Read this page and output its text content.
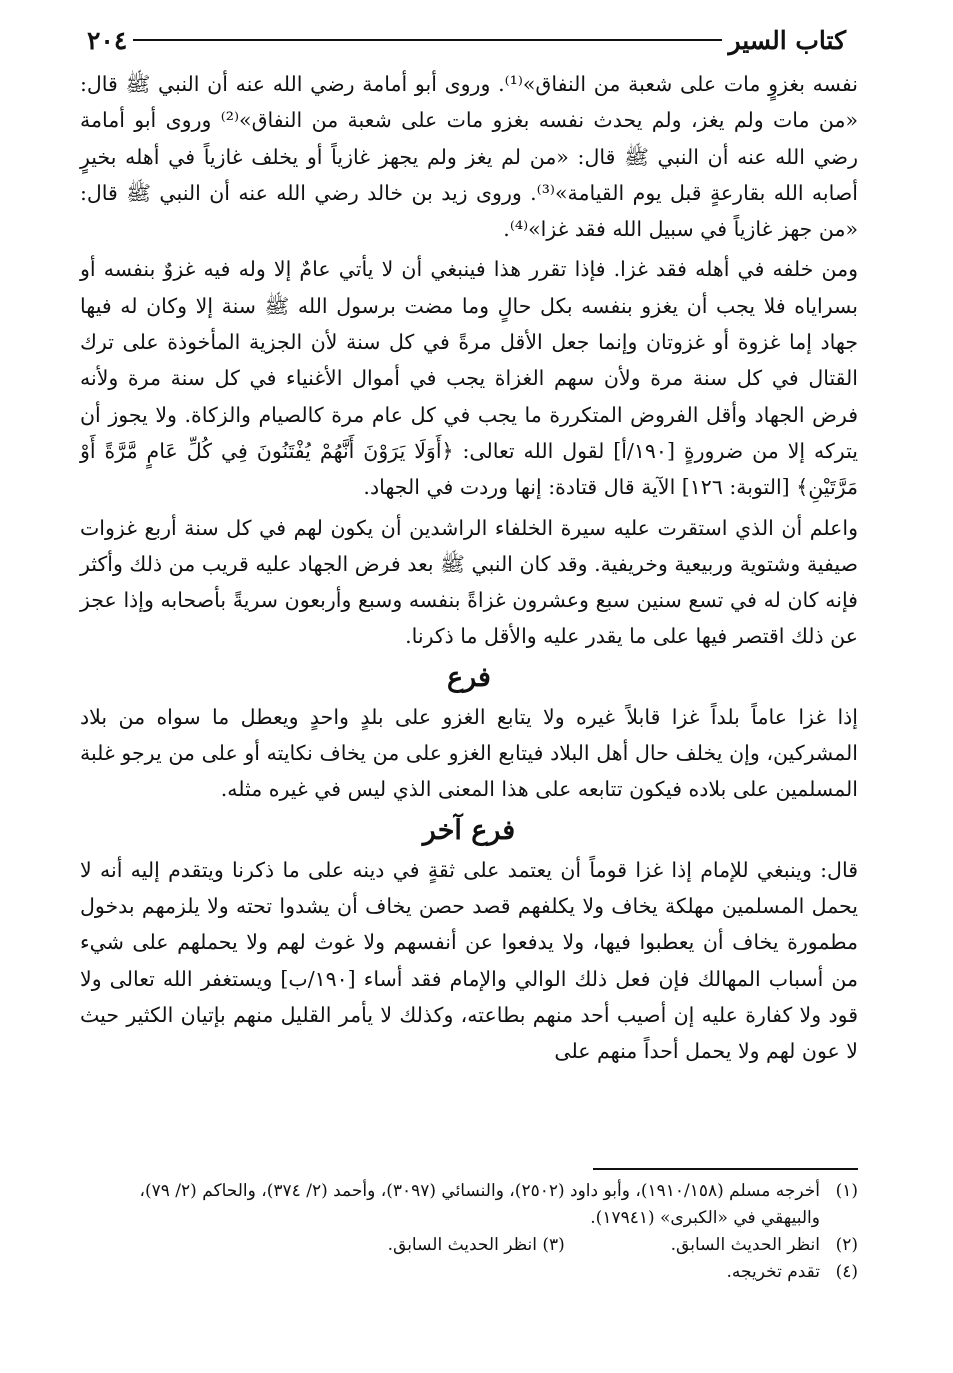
كتاب السير
٢٠٤

نفسه بغزوٍ مات على شعبة من النفاق»⁽¹⁾. وروى أبو أمامة رضي الله عنه أن النبي ﷺ قال: «من مات ولم يغز، ولم يحدث نفسه بغزو مات على شعبة من النفاق»⁽²⁾ وروى أبو أمامة رضي الله عنه أن النبي ﷺ قال: «من لم يغز ولم يجهز غازياً أو يخلف غازياً في أهله بخيرٍ أصابه الله بقارعةٍ قبل يوم القيامة»⁽³⁾. وروى زيد بن خالد رضي الله عنه أن النبي ﷺ قال: «من جهز غازياً في سبيل الله فقد غزا»⁽⁴⁾.

ومن خلفه في أهله فقد غزا. فإذا تقرر هذا فينبغي أن لا يأتي عامٌ إلا وله فيه غزوٌ بنفسه أو بسراياه فلا يجب أن يغزو بنفسه بكل حالٍ وما مضت برسول الله ﷺ سنة إلا وكان له فيها جهاد إما غزوة أو غزوتان وإنما جعل الأقل مرةً في كل سنة لأن الجزية المأخوذة على ترك القتال في كل سنة مرة ولأن سهم الغزاة يجب في أموال الأغنياء في كل سنة مرة ولأنه فرض الجهاد وأقل الفروض المتكررة ما يجب في كل عام مرة كالصيام والزكاة. ولا يجوز أن يتركه إلا من ضرورةٍ [١٩٠/أ] لقول الله تعالى: ﴿أَوَلَا يَرَوْنَ أَنَّهُمْ يُفْتَنُونَ فِي كُلِّ عَامٍ مَّرَّةً أَوْ مَرَّتَيْنِ﴾ [التوبة: ١٢٦] الآية قال قتادة: إنها وردت في الجهاد.

واعلم أن الذي استقرت عليه سيرة الخلفاء الراشدين أن يكون لهم في كل سنة أربع غزوات صيفية وشتوية وربيعية وخريفية. وقد كان النبي ﷺ بعد فرض الجهاد عليه قريب من ذلك وأكثر فإنه كان له في تسع سنين سبع وعشرون غزاةً بنفسه وسبع وأربعون سريةً بأصحابه وإذا عجز عن ذلك اقتصر فيها على ما يقدر عليه والأقل ما ذكرنا.

فرع

إذا غزا عاماً بلداً غزا قابلاً غيره ولا يتابع الغزو على بلدٍ واحدٍ ويعطل ما سواه من بلاد المشركين، وإن يخلف حال أهل البلاد فيتابع الغزو على من يخاف نكايته أو على من يرجو غلبة المسلمين على بلاده فيكون تتابعه على هذا المعنى الذي ليس في غيره مثله.

فرع آخر

قال: وينبغي للإمام إذا غزا قوماً أن يعتمد على ثقةٍ في دينه على ما ذكرنا ويتقدم إليه أنه لا يحمل المسلمين مهلكة يخاف ولا يكلفهم قصد حصن يخاف أن يشدوا تحته ولا يلزمهم بدخول مطمورة يخاف أن يعطبوا فيها، ولا يدفعوا عن أنفسهم ولا غوث لهم ولا يحملهم على شيء من أسباب المهالك فإن فعل ذلك الوالي والإمام فقد أساء [١٩٠/ب] ويستغفر الله تعالى ولا قود ولا كفارة عليه إن أصيب أحد منهم بطاعته، وكذلك لا يأمر القليل منهم بإتيان الكثير حيث لا عون لهم ولا يحمل أحداً منهم على

(١)
أخرجه مسلم (١٩١٠/١٥٨)، وأبو داود (٢٥٠٢)، والنسائي (٣٠٩٧)، وأحمد (٢/ ٣٧٤)، والحاكم (٢/ ٧٩)، والبيهقي في «الكبرى» (١٧٩٤١).
(٢)
انظر الحديث السابق.  (٣) انظر الحديث السابق.
(٤)
تقدم تخريجه.
